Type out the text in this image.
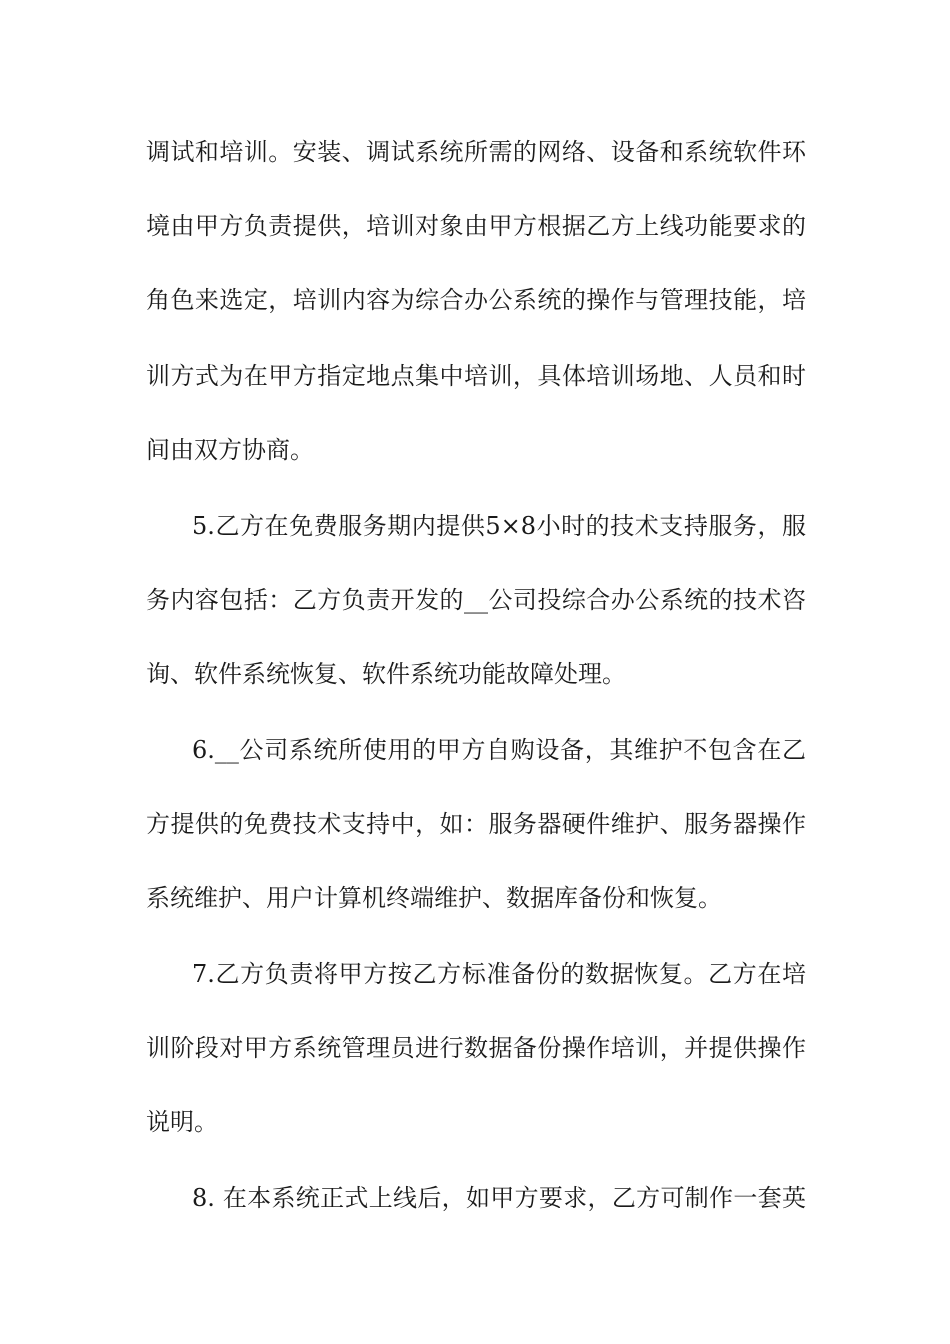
调试和培训。安装、调试系统所需的网络、设备和系统软件环
境由甲方负责提供，培训对象由甲方根据乙方上线功能要求的
角色来选定，培训内容为综合办公系统的操作与管理技能，培
训方式为在甲方指定地点集中培训，具体培训场地、人员和时
间由双方协商。
5.乙方在免费服务期内提供5×8小时的技术支持服务，服
务内容包括：乙方负责开发的__公司投综合办公系统的技术咨
询、软件系统恢复、软件系统功能故障处理。
6.__公司系统所使用的甲方自购设备，其维护不包含在乙
方提供的免费技术支持中，如：服务器硬件维护、服务器操作
系统维护、用户计算机终端维护、数据库备份和恢复。
7.乙方负责将甲方按乙方标准备份的数据恢复。乙方在培
训阶段对甲方系统管理员进行数据备份操作培训，并提供操作
说明。
8. 在本系统正式上线后，如甲方要求，乙方可制作一套英
